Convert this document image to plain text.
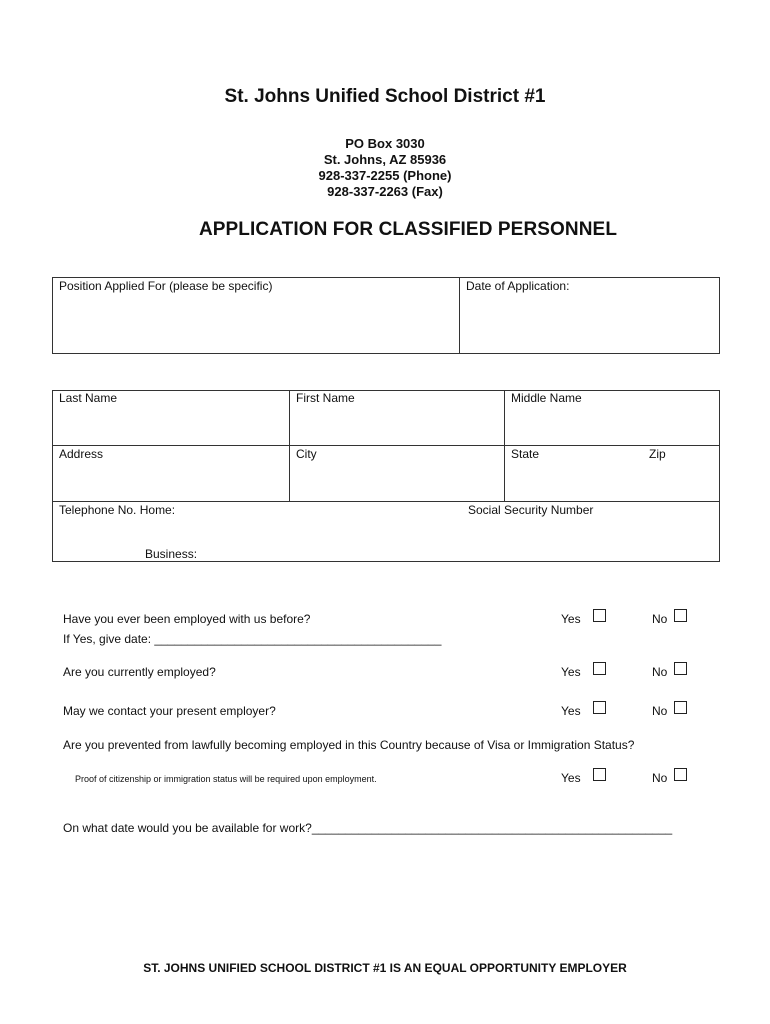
St. Johns Unified School District #1
PO Box 3030
St. Johns, AZ 85936
928-337-2255 (Phone)
928-337-2263 (Fax)
APPLICATION FOR CLASSIFIED PERSONNEL
Position Applied For (please be specific)	Date of Application:
Last Name	First Name	Middle Name
Address	City	State	Zip
Telephone No. Home:	Social Security Number
Business:
Have you ever been employed with us before?	Yes	No
If Yes, give date: ___________________________________________
Are you currently employed?	Yes	No
May we contact your present employer?	Yes	No
Are you prevented from lawfully becoming employed in this Country because of Visa or Immigration Status?
Proof of citizenship or immigration status will be required upon employment.	Yes	No
On what date would you be available for work?______________________________________________________
ST. JOHNS UNIFIED SCHOOL DISTRICT #1 IS AN EQUAL OPPORTUNITY EMPLOYER
